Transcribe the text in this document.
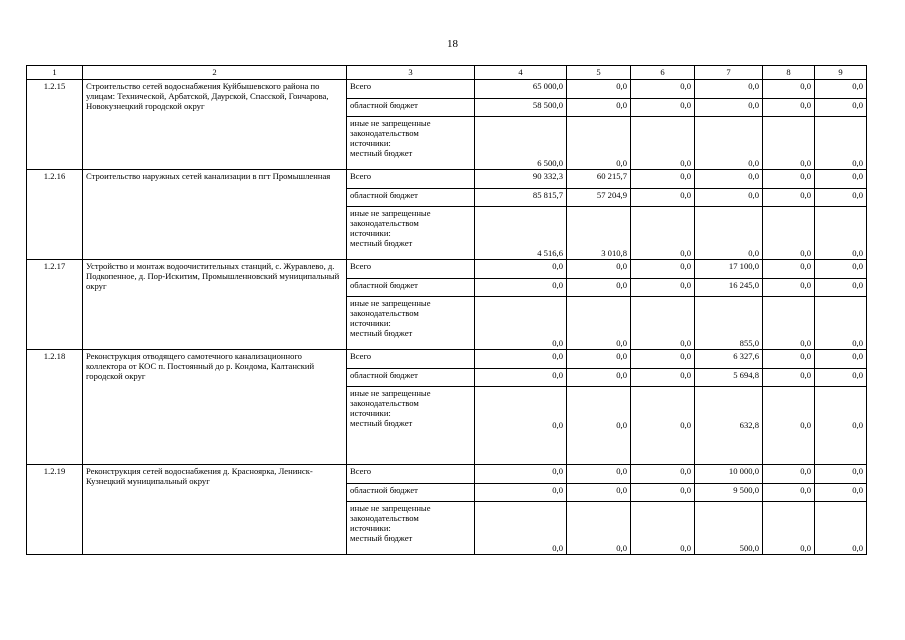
18
1	2	3	4	5	6	7	8	9
1.2.15	Строительство сетей водоснабжения Куйбышевского района по улицам: Технической, Арбатской, Даурской, Спасской, Гончарова, Новокузнецкий городской округ	Всего	65 000,0	0,0	0,0	0,0	0,0	0,0
		областной бюджет	58 500,0	0,0	0,0	0,0	0,0	0,0

		иные не запрещенные
законодательством
источники:
местный бюджет	6 500,0	0,0	0,0	0,0	0,0	0,0
1.2.16	Строительство наружных сетей канализации в пгт Промышленная	Всего	90 332,3	60 215,7	0,0	0,0	0,0	0,0
		областной бюджет	85 815,7	57 204,9	0,0	0,0	0,0	0,0

		иные не запрещенные
законодательством
источники:
местный бюджет	4 516,6	3 010,8	0,0	0,0	0,0	0,0
1.2.17	Устройство и монтаж водоочистительных станций, с. Журавлево, д. Подкопенное, д. Пор-Искитим, Промышленновский муниципальный округ	Всего	0,0	0,0	0,0	17 100,0	0,0	0,0
		областной бюджет	0,0	0,0	0,0	16 245,0	0,0	0,0

		иные не запрещенные
законодательством
источники:
местный бюджет	0,0	0,0	0,0	855,0	0,0	0,0
1.2.18	Реконструкция отводящего самотечного канализационного коллектора от КОС п. Постоянный до р. Кондома, Калтанский городской округ	Всего	0,0	0,0	0,0	6 327,6	0,0	0,0
		областной бюджет	0,0	0,0	0,0	5 694,8	0,0	0,0

		иные не запрещенные
законодательством
источники:
местный бюджет	0,0	0,0	0,0	632,8	0,0	0,0
1.2.19	Реконструкция сетей водоснабжения д. Красноярка, Ленинск-Кузнецкий муниципальный округ	Всего	0,0	0,0	0,0	10 000,0	0,0	0,0
		областной бюджет	0,0	0,0	0,0	9 500,0	0,0	0,0

		иные не запрещенные
законодательством
источники:
местный бюджет	0,0	0,0	0,0	500,0	0,0	0,0
